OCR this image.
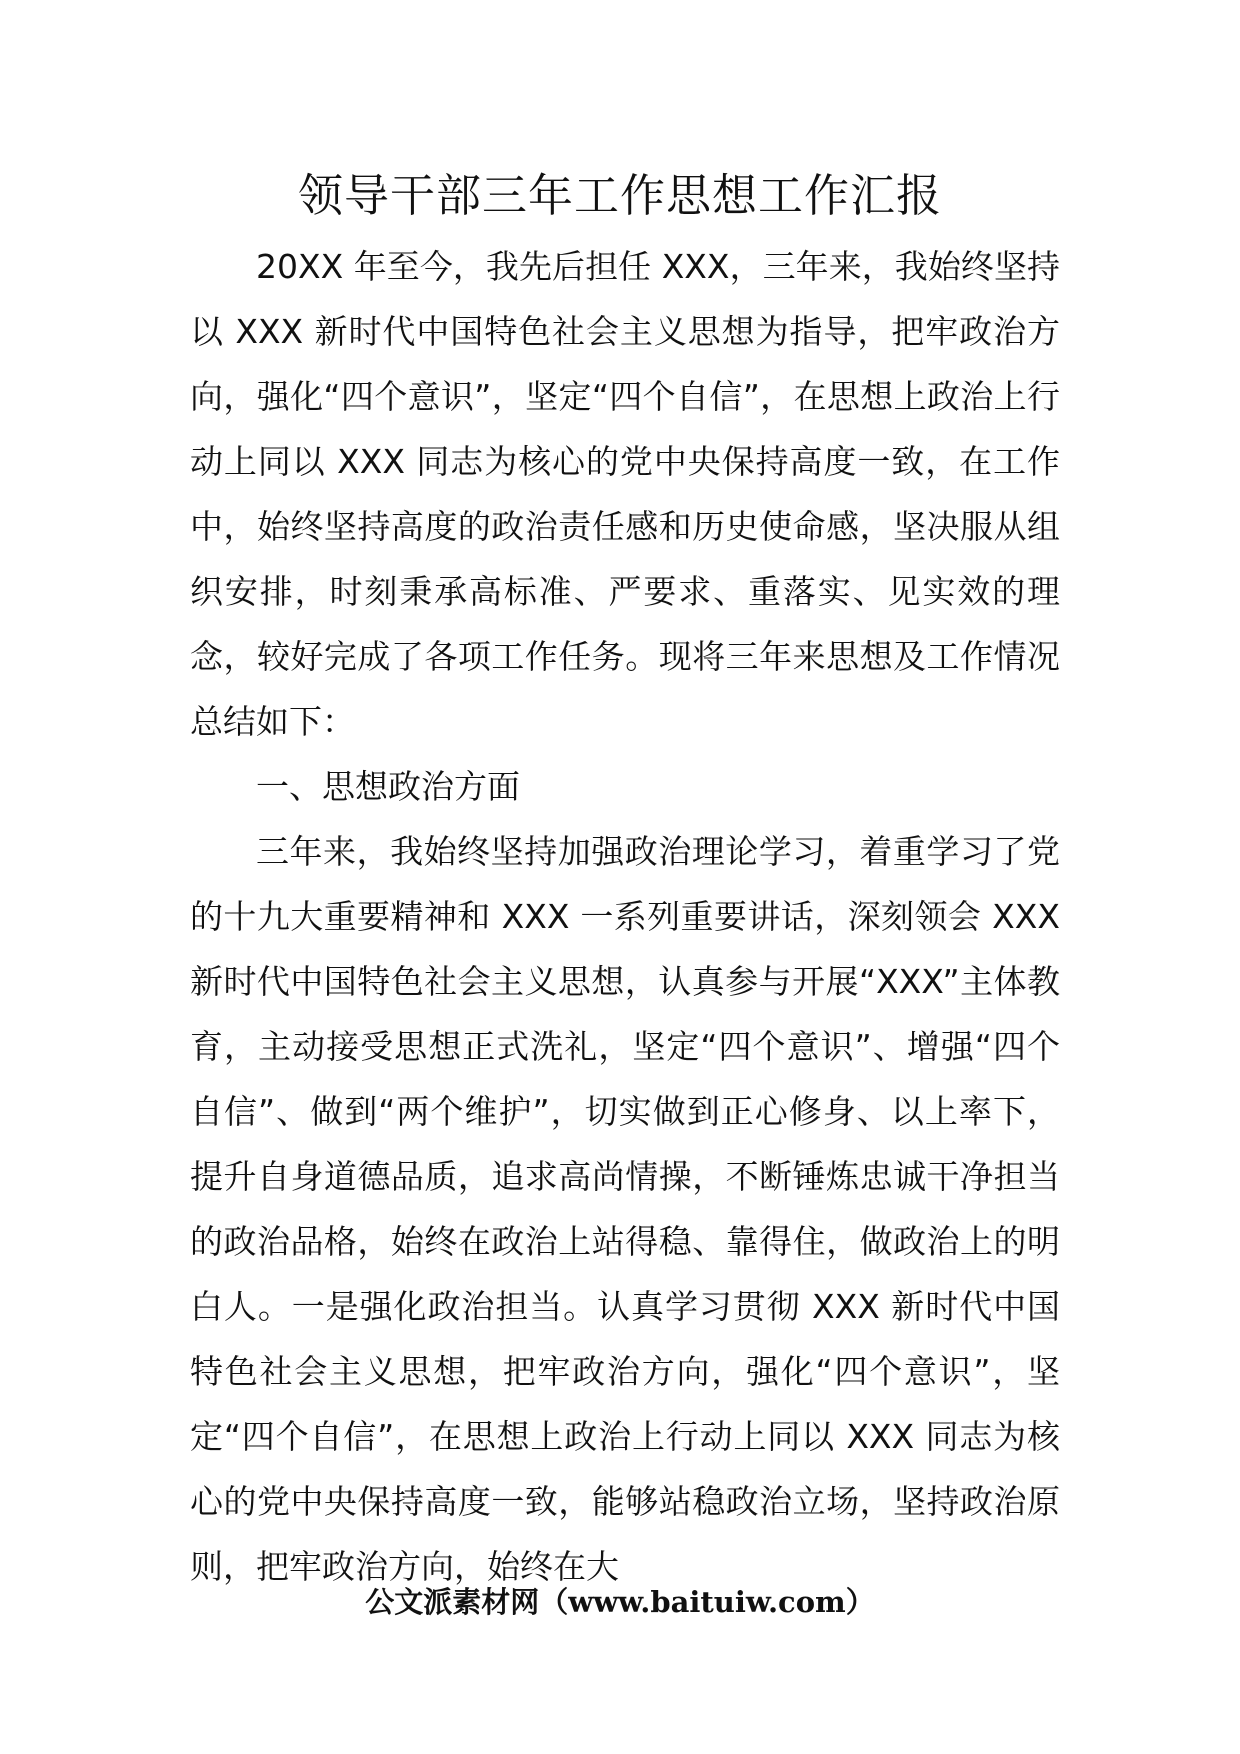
领导干部三年工作思想工作汇报

20XX 年至今，我先后担任 XXX，三年来，我始终坚持以 XXX 新时代中国特色社会主义思想为指导，把牢政治方向，强化“四个意识”，坚定“四个自信”，在思想上政治上行动上同以 XXX 同志为核心的党中央保持高度一致，在工作中，始终坚持高度的政治责任感和历史使命感，坚决服从组织安排，时刻秉承高标准、严要求、重落实、见实效的理念，较好完成了各项工作任务。现将三年来思想及工作情况总结如下：

一、思想政治方面

三年来，我始终坚持加强政治理论学习，着重学习了党的十九大重要精神和 XXX 一系列重要讲话，深刻领会 XXX 新时代中国特色社会主义思想，认真参与开展“XXX”主体教育，主动接受思想正式洗礼，坚定“四个意识”、增强“四个自信”、做到“两个维护”，切实做到正心修身、以上率下，提升自身道德品质，追求高尚情操，不断锤炼忠诚干净担当的政治品格，始终在政治上站得稳、靠得住，做政治上的明白人。一是强化政治担当。认真学习贯彻 XXX 新时代中国特色社会主义思想，把牢政治方向，强化“四个意识”，坚定“四个自信”，在思想上政治上行动上同以 XXX 同志为核心的党中央保持高度一致，能够站稳政治立场，坚持政治原则，把牢政治方向，始终在大

公文派素材网（www.baituiw.com）
